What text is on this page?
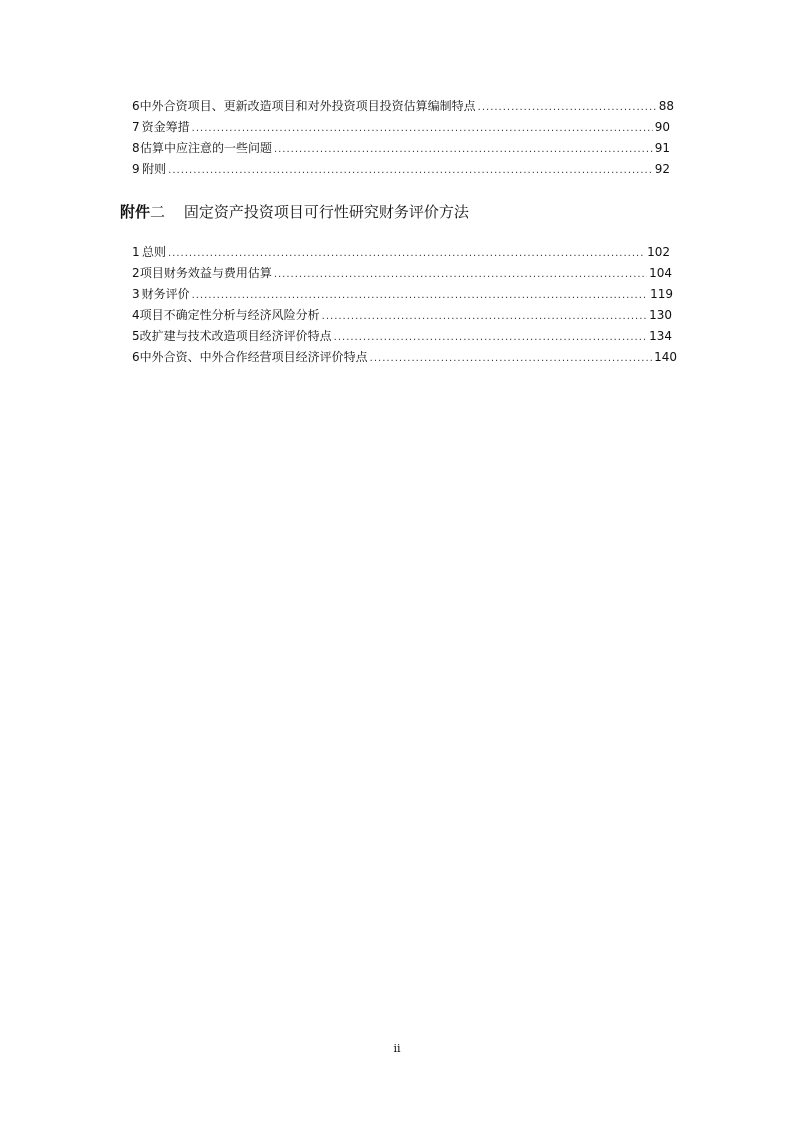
6 中外合资项目、更新改造项目和对外投资项目投资估算编制特点 .....	88
7 资金筹措 .....	90
8 估算中应注意的一些问题 .....	91
9 附则 .....	92
附件二 固定资产投资项目可行性研究财务评价方法
1 总则 .....	102
2 项目财务效益与费用估算 .....	104
3 财务评价 .....	119
4 项目不确定性分析与经济风险分析 .....	130
5 改扩建与技术改造项目经济评价特点 .....	134
6 中外合资、中外合作经营项目经济评价特点 .....	140
ii
